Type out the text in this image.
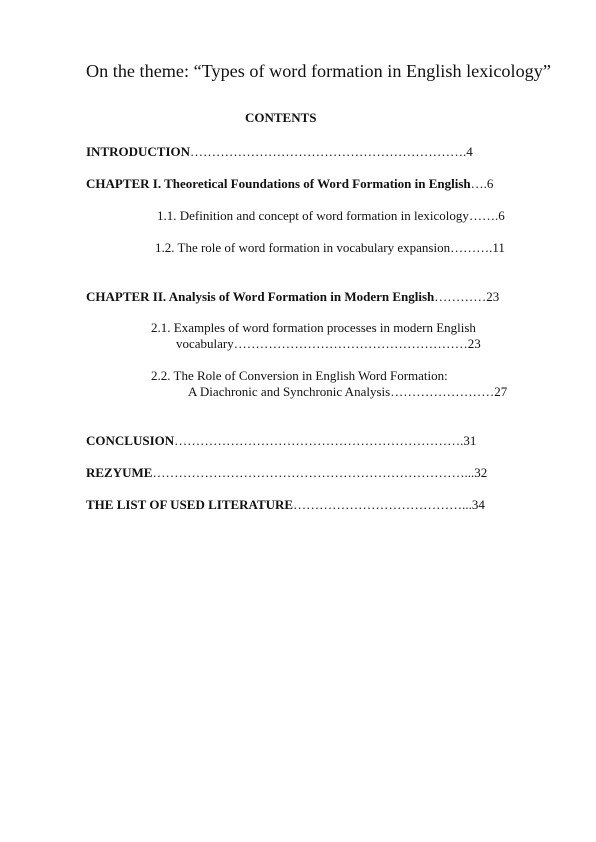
On the theme: “Types of word formation in English lexicology”
CONTENTS
INTRODUCTION……………………………………………………….4
CHAPTER I. Theoretical Foundations of Word Formation in English….6
1.1. Definition and concept of word formation in lexicology…….6
1.2. The role of word formation in vocabulary expansion……….11
CHAPTER II. Analysis of Word Formation in Modern English…………23
2.1. Examples of word formation processes in modern English
vocabulary………………………………………………23
2.2. The Role of Conversion in English Word Formation:
A Diachronic and Synchronic Analysis……………………27
CONCLUSION………………………………………………………….31
REZYUME………………………………………………………………...32
THE LIST OF USED LITERATURE…………………………………...34
